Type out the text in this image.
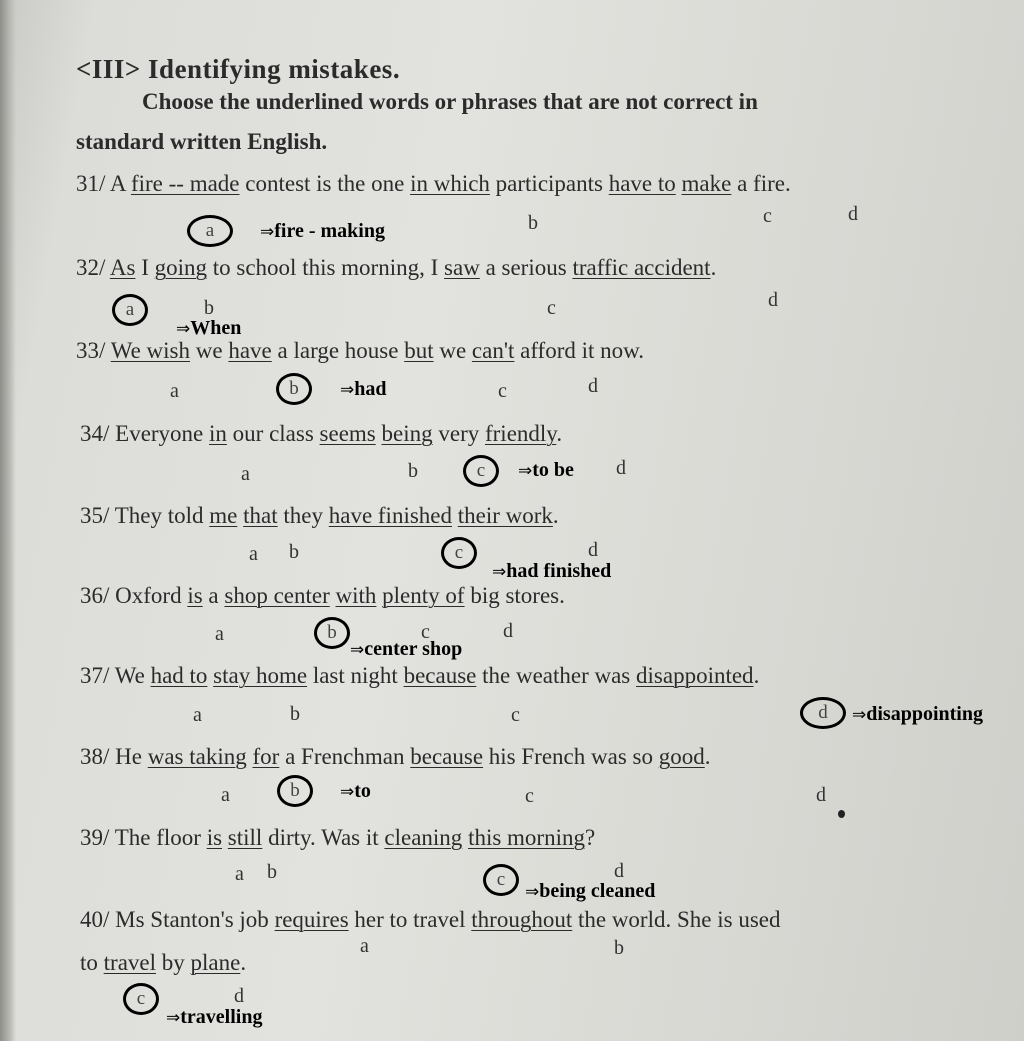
<III> Identifying mistakes.
Choose the underlined words or phrases that are not correct in
standard written English.
31/ A fire -- made contest is the one in which participants have to make a fire.
a	⇒fire - making	b	c	d
32/ As I going to school this morning, I saw a serious traffic accident.
a	b	c	d
⇒When
33/ We wish we have a large house but we can't afford it now.
a	b	⇒had	c	d
34/ Everyone in our class seems being very friendly.
a	b	c	⇒to be d
35/ They told me that they have finished their work.
a b	c	d
⇒had finished
36/ Oxford is a shop center with plenty of big stores.
a	b	c	d
⇒center shop
37/ We had to stay home last night because the weather was disappointed.
a	b	c	d	⇒disappointing
38/ He was taking for a Frenchman because his French was so good.
a	b	⇒to	c	d
39/ The floor is still dirty. Was it cleaning this morning?
a b	c	d
⇒being cleaned
40/ Ms Stanton's job requires her to travel throughout the world. She is used
a	b
to travel by plane.
c	d
⇒travelling
